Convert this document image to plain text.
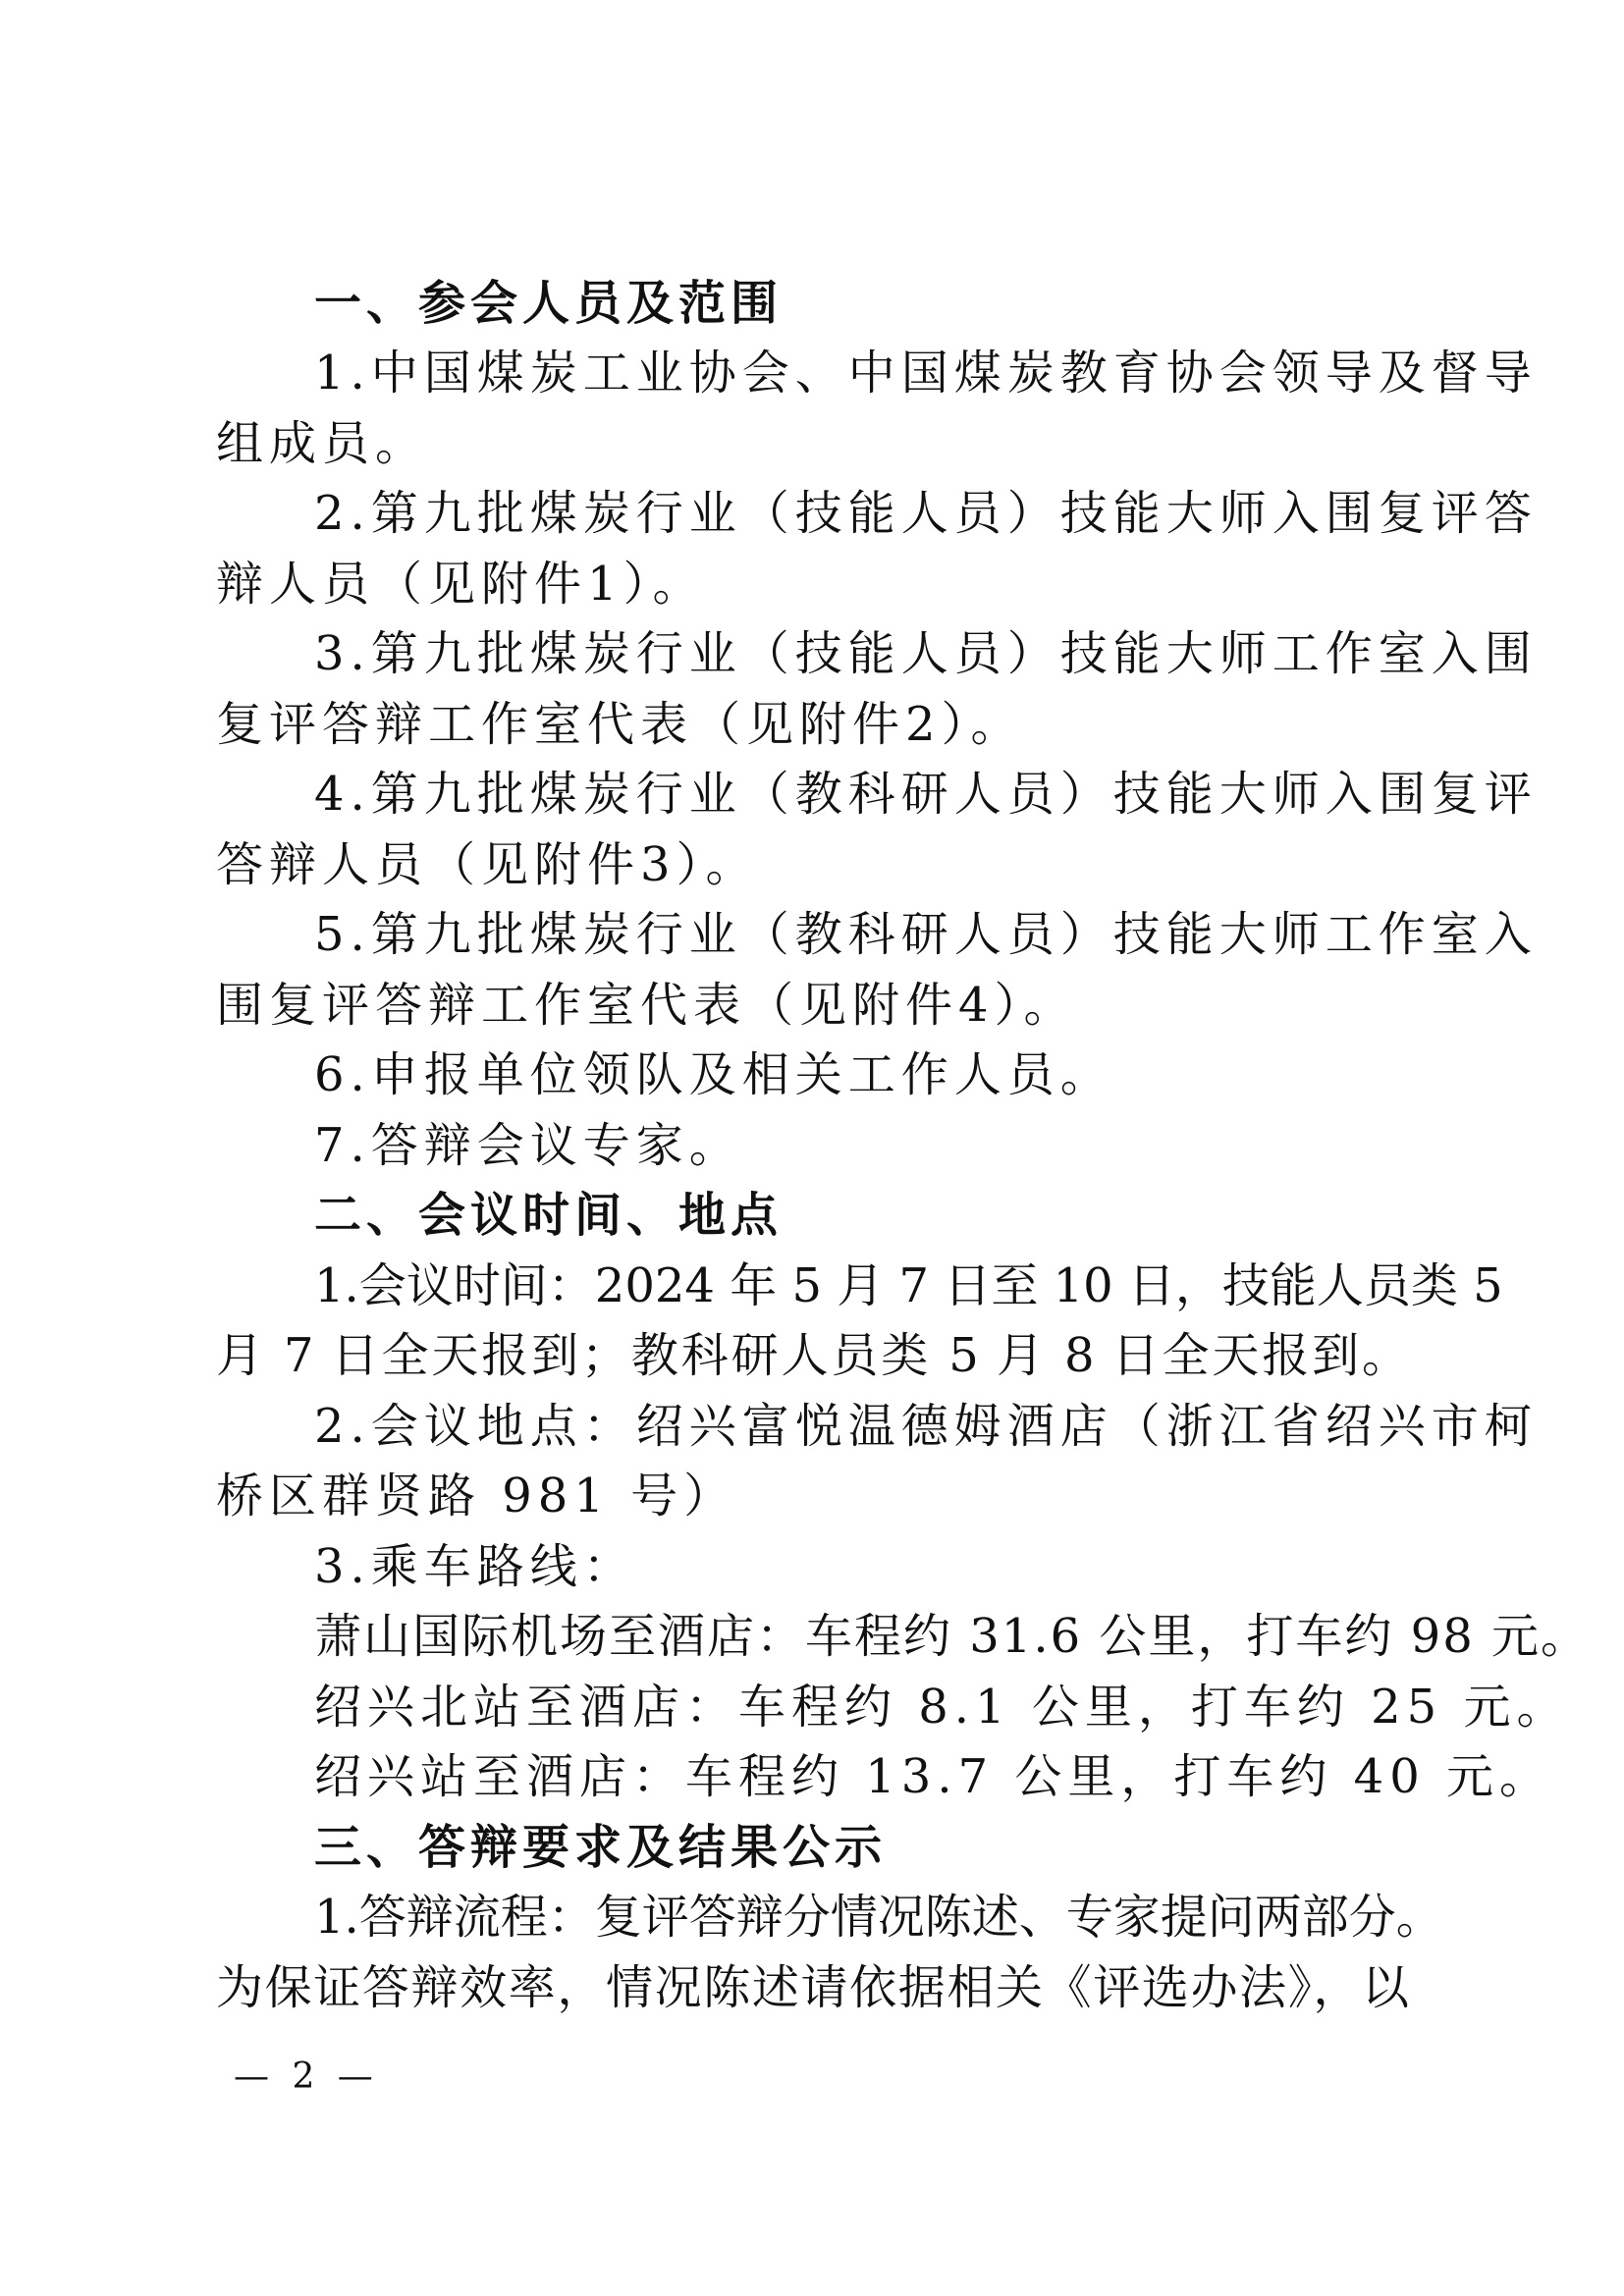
一、参会人员及范围
1.中国煤炭工业协会、中国煤炭教育协会领导及督导
组成员。
2.第九批煤炭行业（技能人员）技能大师入围复评答
辩人员（见附件1）。
3.第九批煤炭行业（技能人员）技能大师工作室入围
复评答辩工作室代表（见附件2）。
4.第九批煤炭行业（教科研人员）技能大师入围复评
答辩人员（见附件3）。
5.第九批煤炭行业（教科研人员）技能大师工作室入
围复评答辩工作室代表（见附件4）。
6.申报单位领队及相关工作人员。
7.答辩会议专家。
二、会议时间、地点
1.会议时间：2024 年 5 月 7 日至 10 日，技能人员类 5
月 7 日全天报到；教科研人员类 5 月 8 日全天报到。
2.会议地点：绍兴富悦温德姆酒店（浙江省绍兴市柯
桥区群贤路 981 号）
3.乘车路线：
萧山国际机场至酒店：车程约 31.6 公里，打车约 98 元。
绍兴北站至酒店：车程约 8.1 公里，打车约 25 元。
绍兴站至酒店：车程约 13.7 公里，打车约 40 元。
三、答辩要求及结果公示
1.答辩流程：复评答辩分情况陈述、专家提问两部分。
为保证答辩效率，情况陈述请依据相关《评选办法》，以
— 2 —
